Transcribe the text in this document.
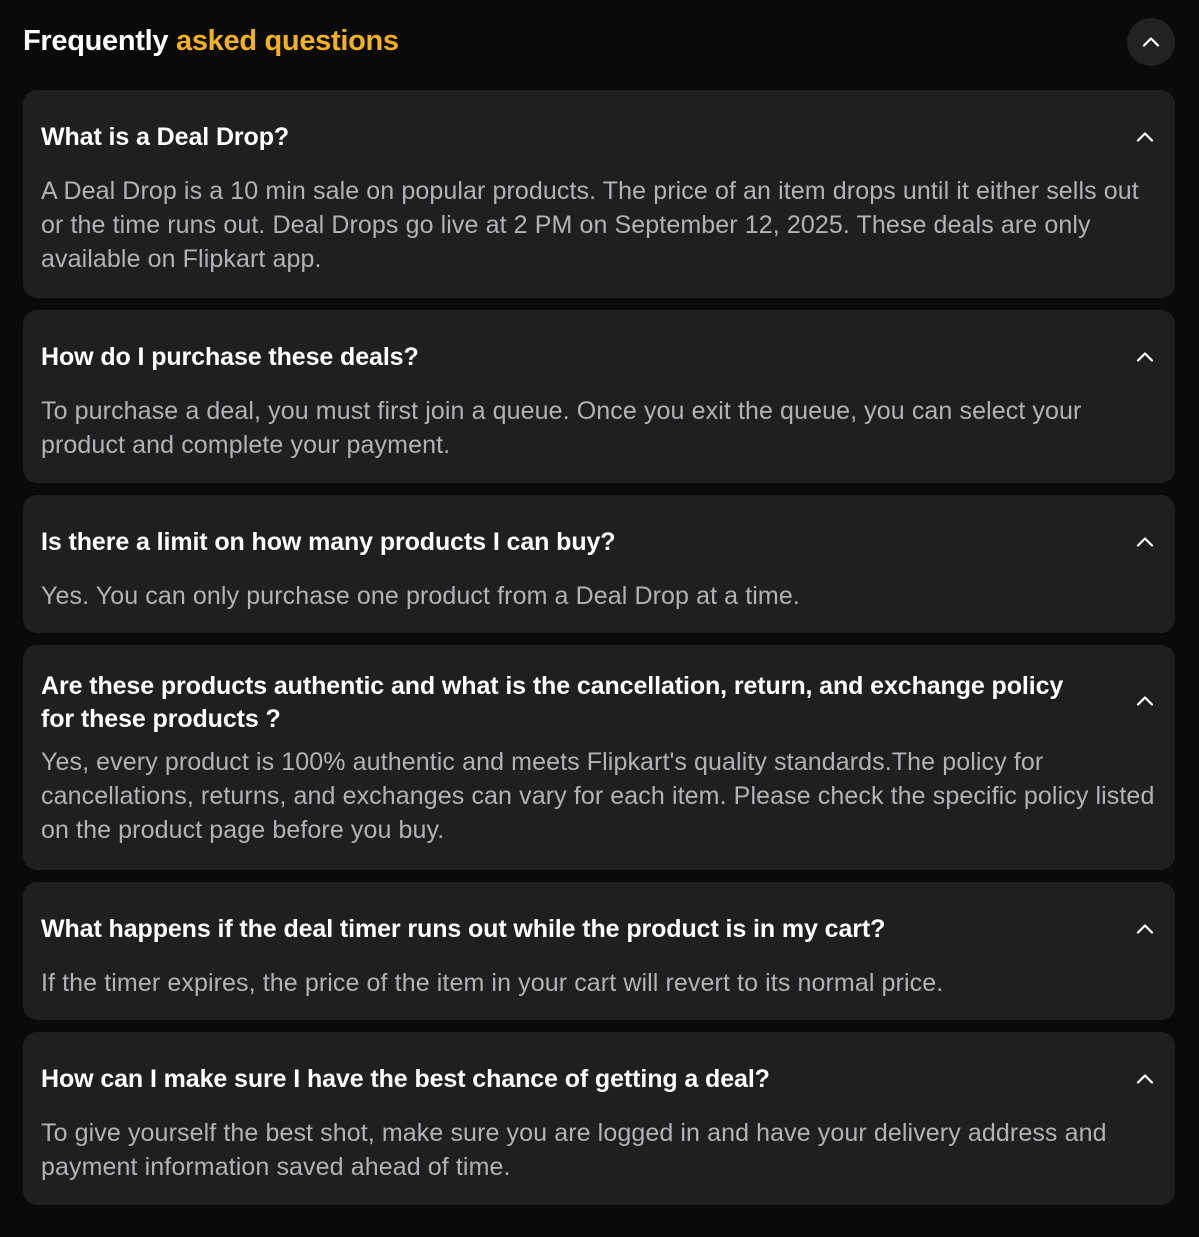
Frequently asked questions
What is a Deal Drop?
A Deal Drop is a 10 min sale on popular products. The price of an item drops until it either sells out or the time runs out. Deal Drops go live at 2 PM on September 12, 2025. These deals are only available on Flipkart app.
How do I purchase these deals?
To purchase a deal, you must first join a queue. Once you exit the queue, you can select your product and complete your payment.
Is there a limit on how many products I can buy?
Yes. You can only purchase one product from a Deal Drop at a time.
Are these products authentic and what is the cancellation, return, and exchange policy for these products ?
Yes, every product is 100% authentic and meets Flipkart's quality standards.The policy for cancellations, returns, and exchanges can vary for each item. Please check the specific policy listed on the product page before you buy.
What happens if the deal timer runs out while the product is in my cart?
If the timer expires, the price of the item in your cart will revert to its normal price.
How can I make sure I have the best chance of getting a deal?
To give yourself the best shot, make sure you are logged in and have your delivery address and payment information saved ahead of time.
